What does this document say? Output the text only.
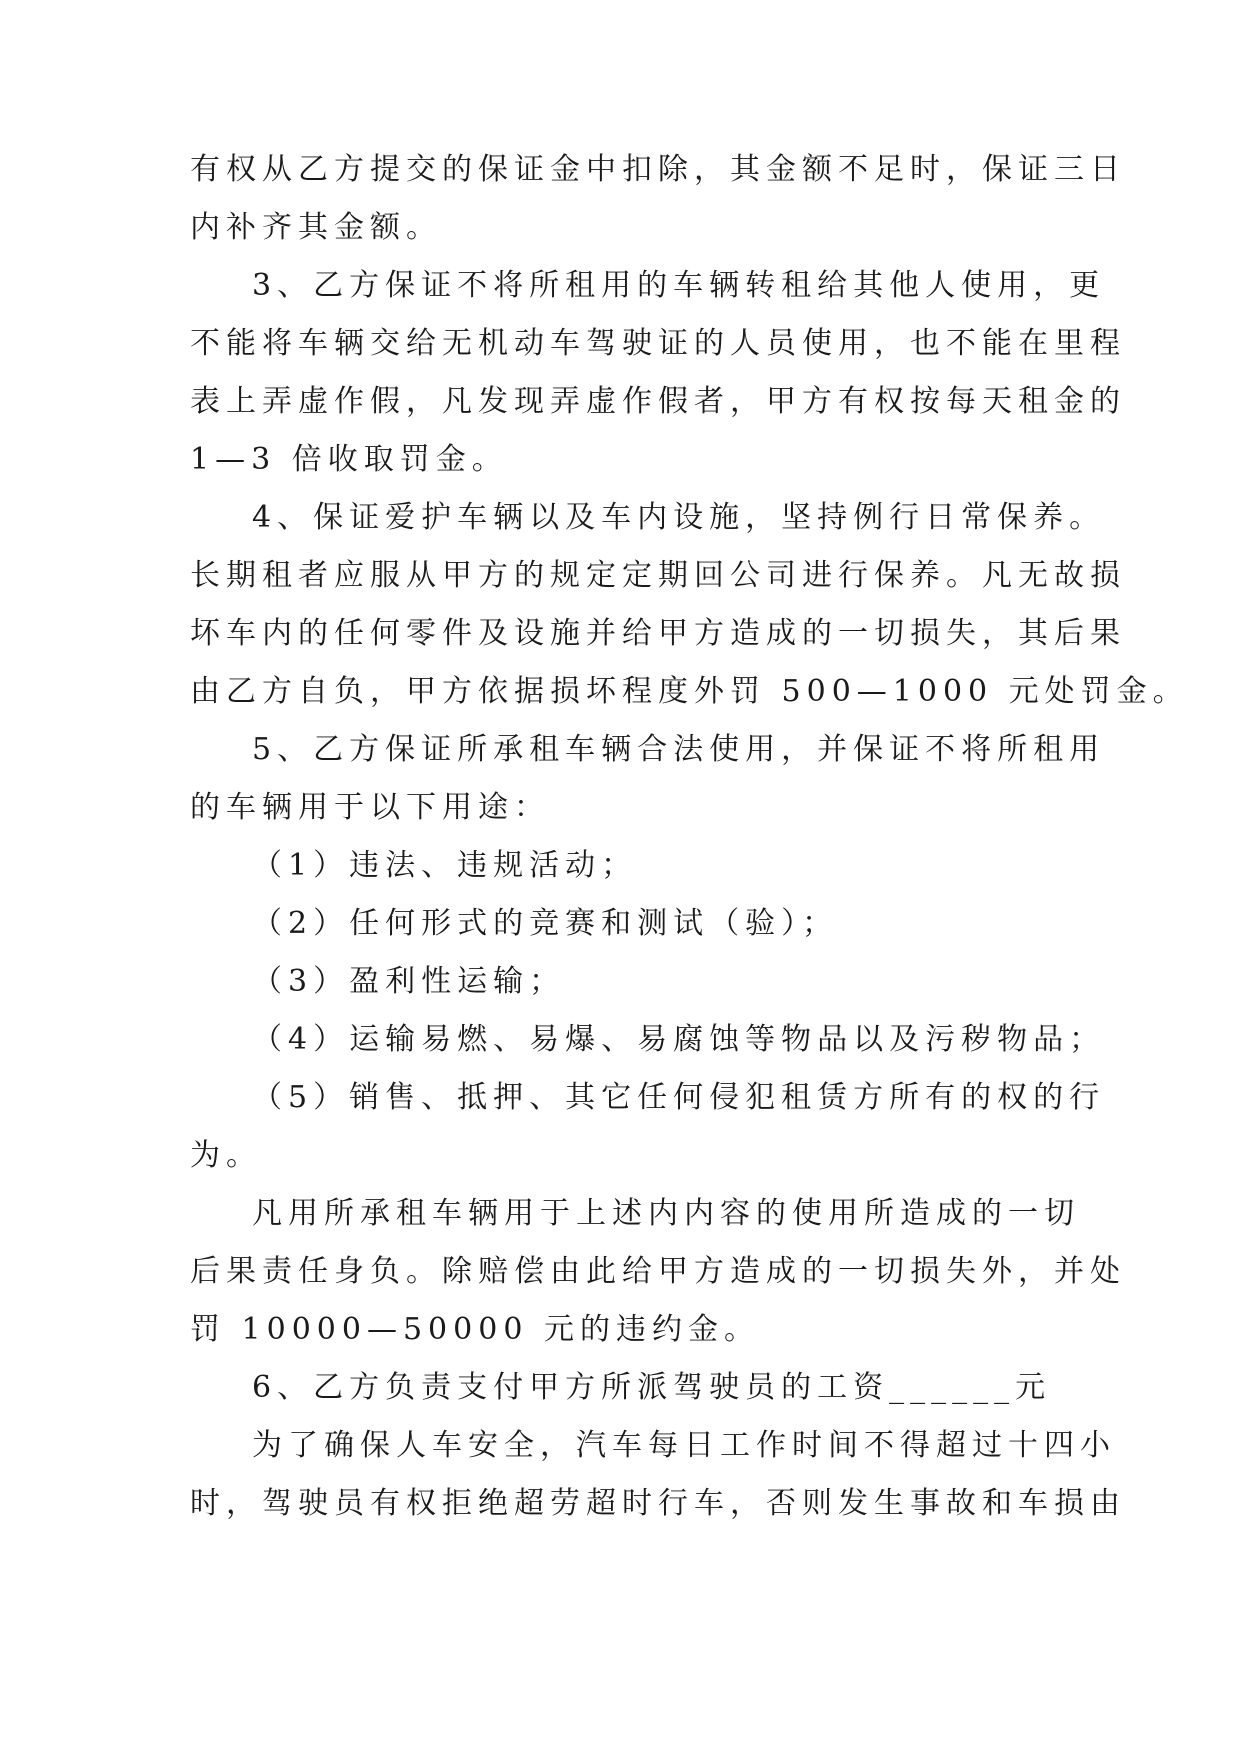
有权从乙方提交的保证金中扣除，其金额不足时，保证三日
内补齐其金额。
3、乙方保证不将所租用的车辆转租给其他人使用，更
不能将车辆交给无机动车驾驶证的人员使用，也不能在里程
表上弄虚作假，凡发现弄虚作假者，甲方有权按每天租金的
1—3 倍收取罚金。
4、保证爱护车辆以及车内设施，坚持例行日常保养。
长期租者应服从甲方的规定定期回公司进行保养。凡无故损
坏车内的任何零件及设施并给甲方造成的一切损失，其后果
由乙方自负，甲方依据损坏程度外罚 500—1000 元处罚金。
5、乙方保证所承租车辆合法使用，并保证不将所租用
的车辆用于以下用途：
（1）违法、违规活动；
（2）任何形式的竞赛和测试（验）；
（3）盈利性运输；
（4）运输易燃、易爆、易腐蚀等物品以及污秽物品；
（5）销售、抵押、其它任何侵犯租赁方所有的权的行
为。
凡用所承租车辆用于上述内内容的使用所造成的一切
后果责任身负。除赔偿由此给甲方造成的一切损失外，并处
罚 10000—50000 元的违约金。
6、乙方负责支付甲方所派驾驶员的工资______元
为了确保人车安全，汽车每日工作时间不得超过十四小
时，驾驶员有权拒绝超劳超时行车，否则发生事故和车损由
